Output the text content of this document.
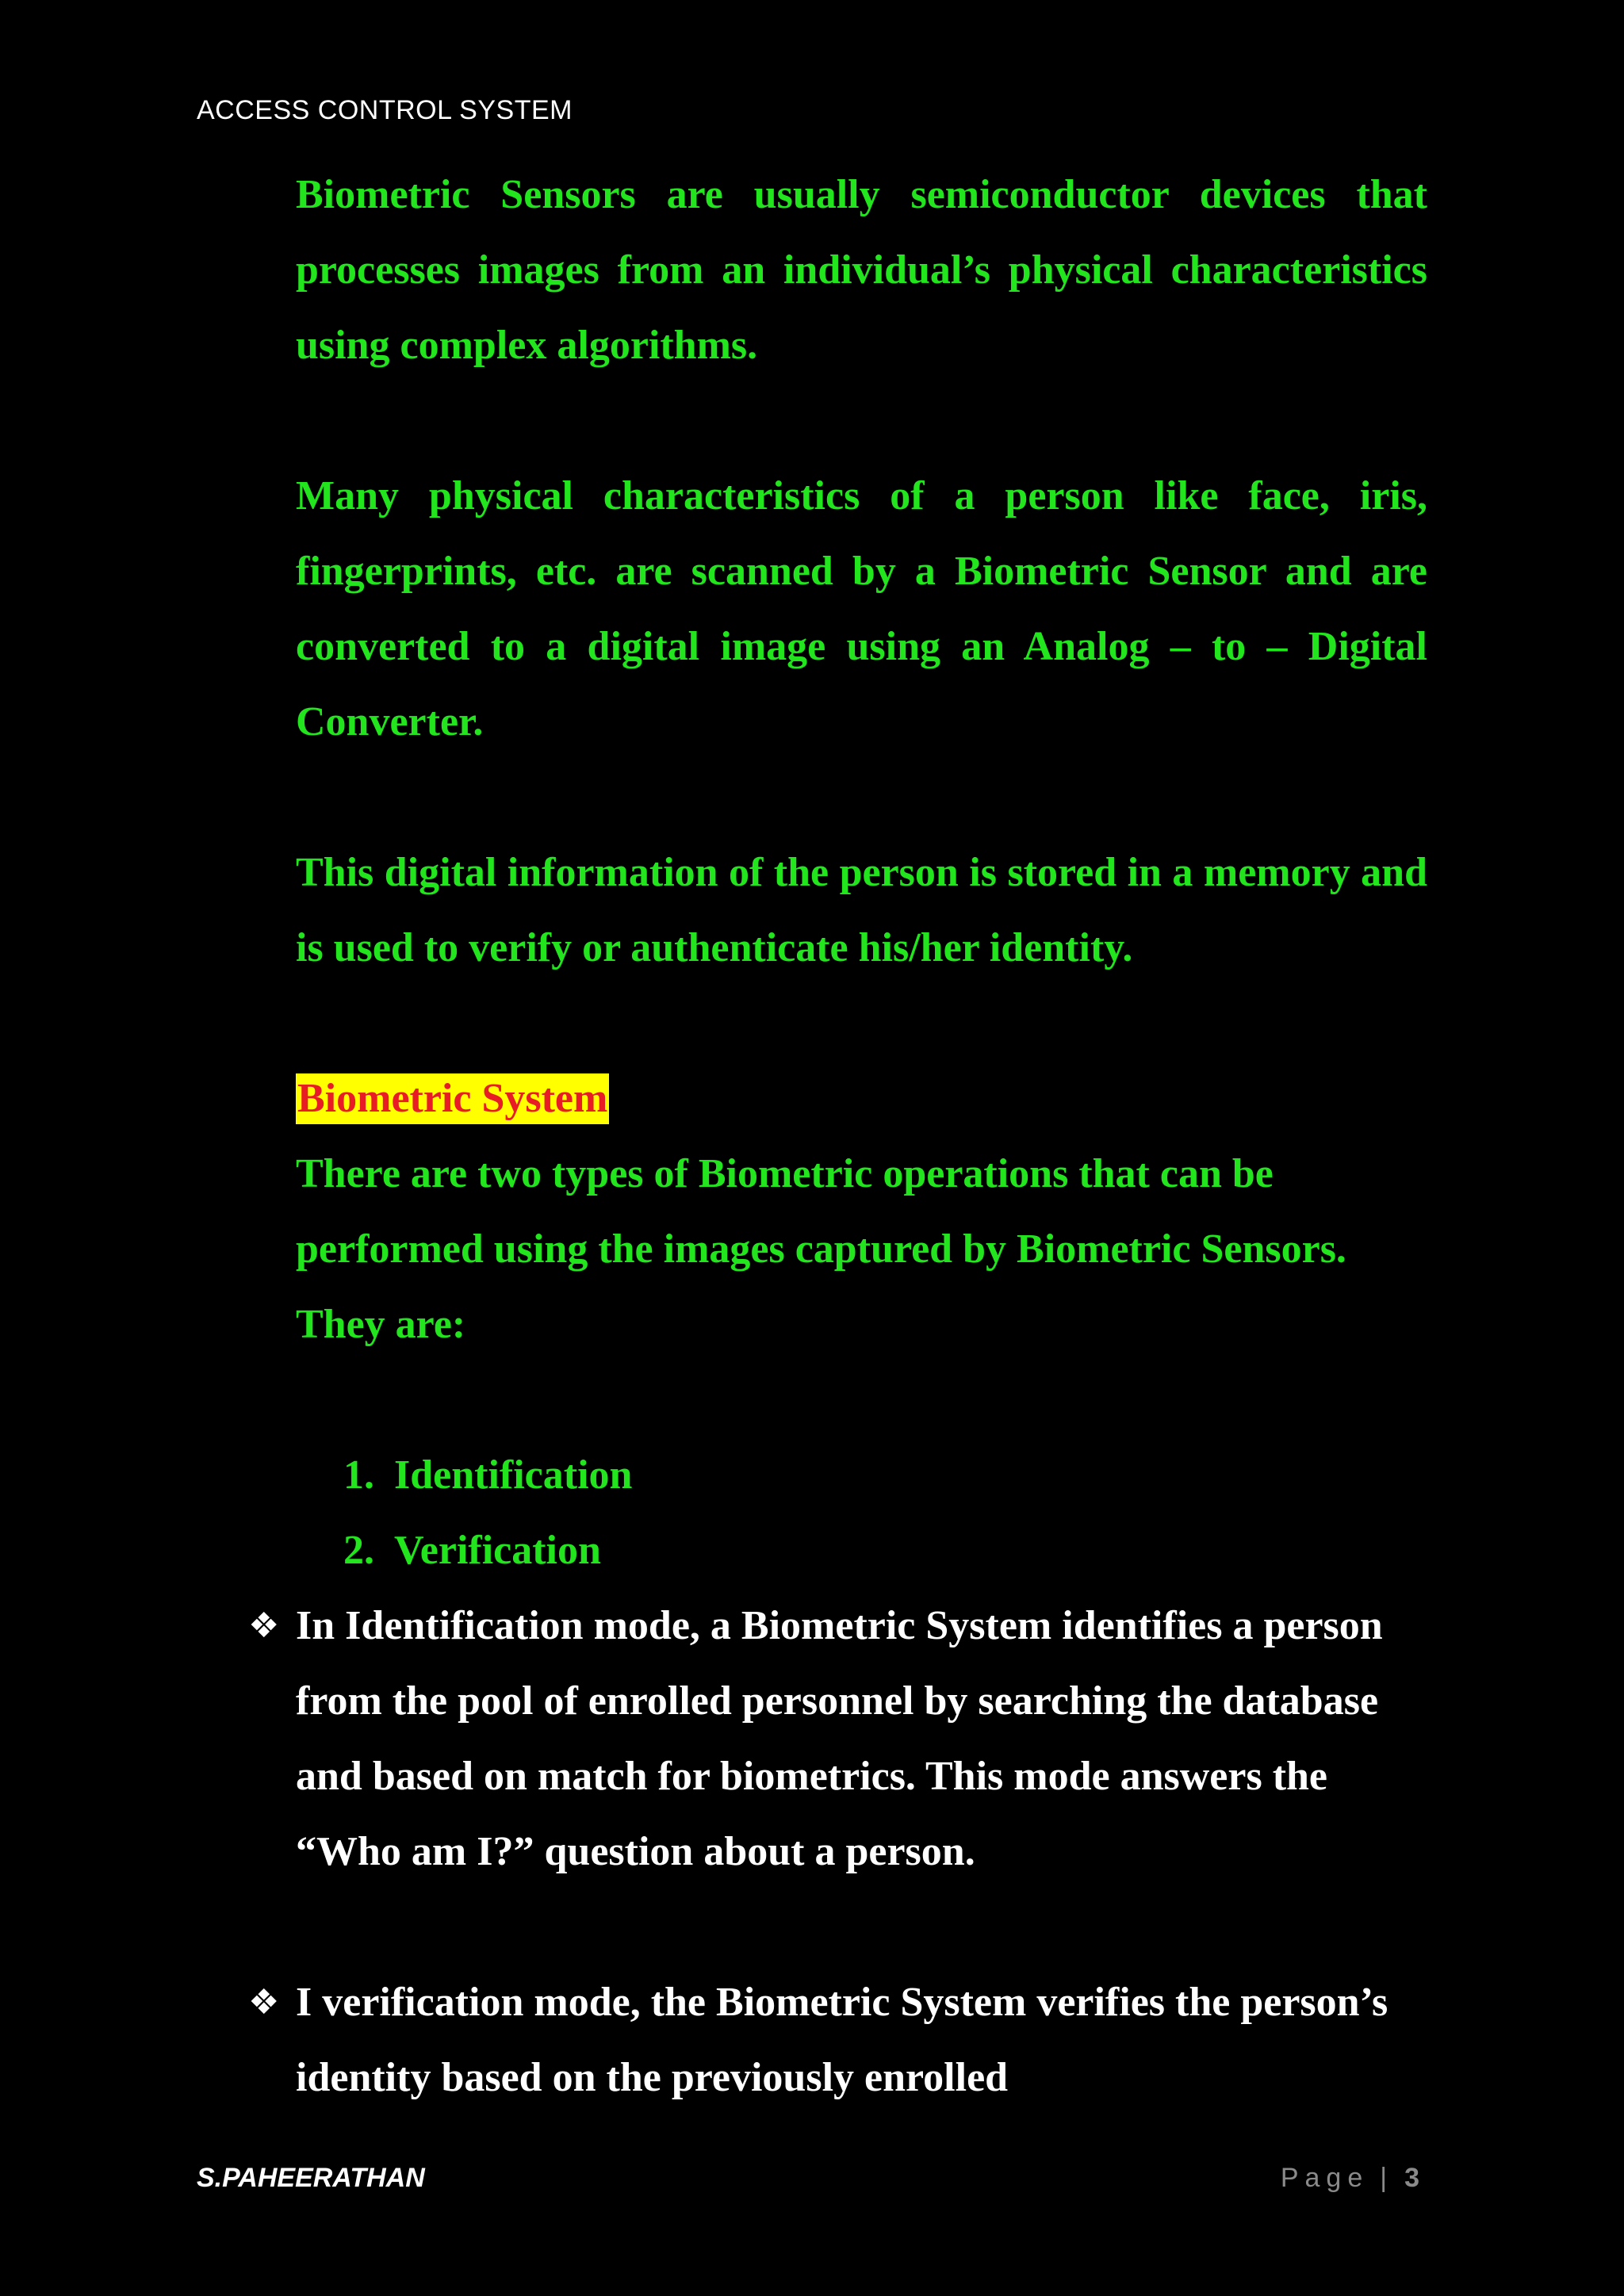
ACCESS CONTROL SYSTEM

Biometric Sensors are usually semiconductor devices that processes images from an individual’s physical characteristics using complex algorithms.

Many physical characteristics of a person like face, iris, fingerprints, etc. are scanned by a Biometric Sensor and are converted to a digital image using an Analog – to – Digital Converter.

This digital information of the person is stored in a memory and is used to verify or authenticate his/her identity.

Biometric System

There are two types of Biometric operations that can be performed using the images captured by Biometric Sensors. They are:

1. Identification
2. Verification
❖ In Identification mode, a Biometric System identifies a person from the pool of enrolled personnel by searching the database and based on match for biometrics. This mode answers the “Who am I?” question about a person.
❖ I verification mode, the Biometric System verifies the person’s identity based on the previously enrolled
S.PAHEERATHAN	Page | 3
